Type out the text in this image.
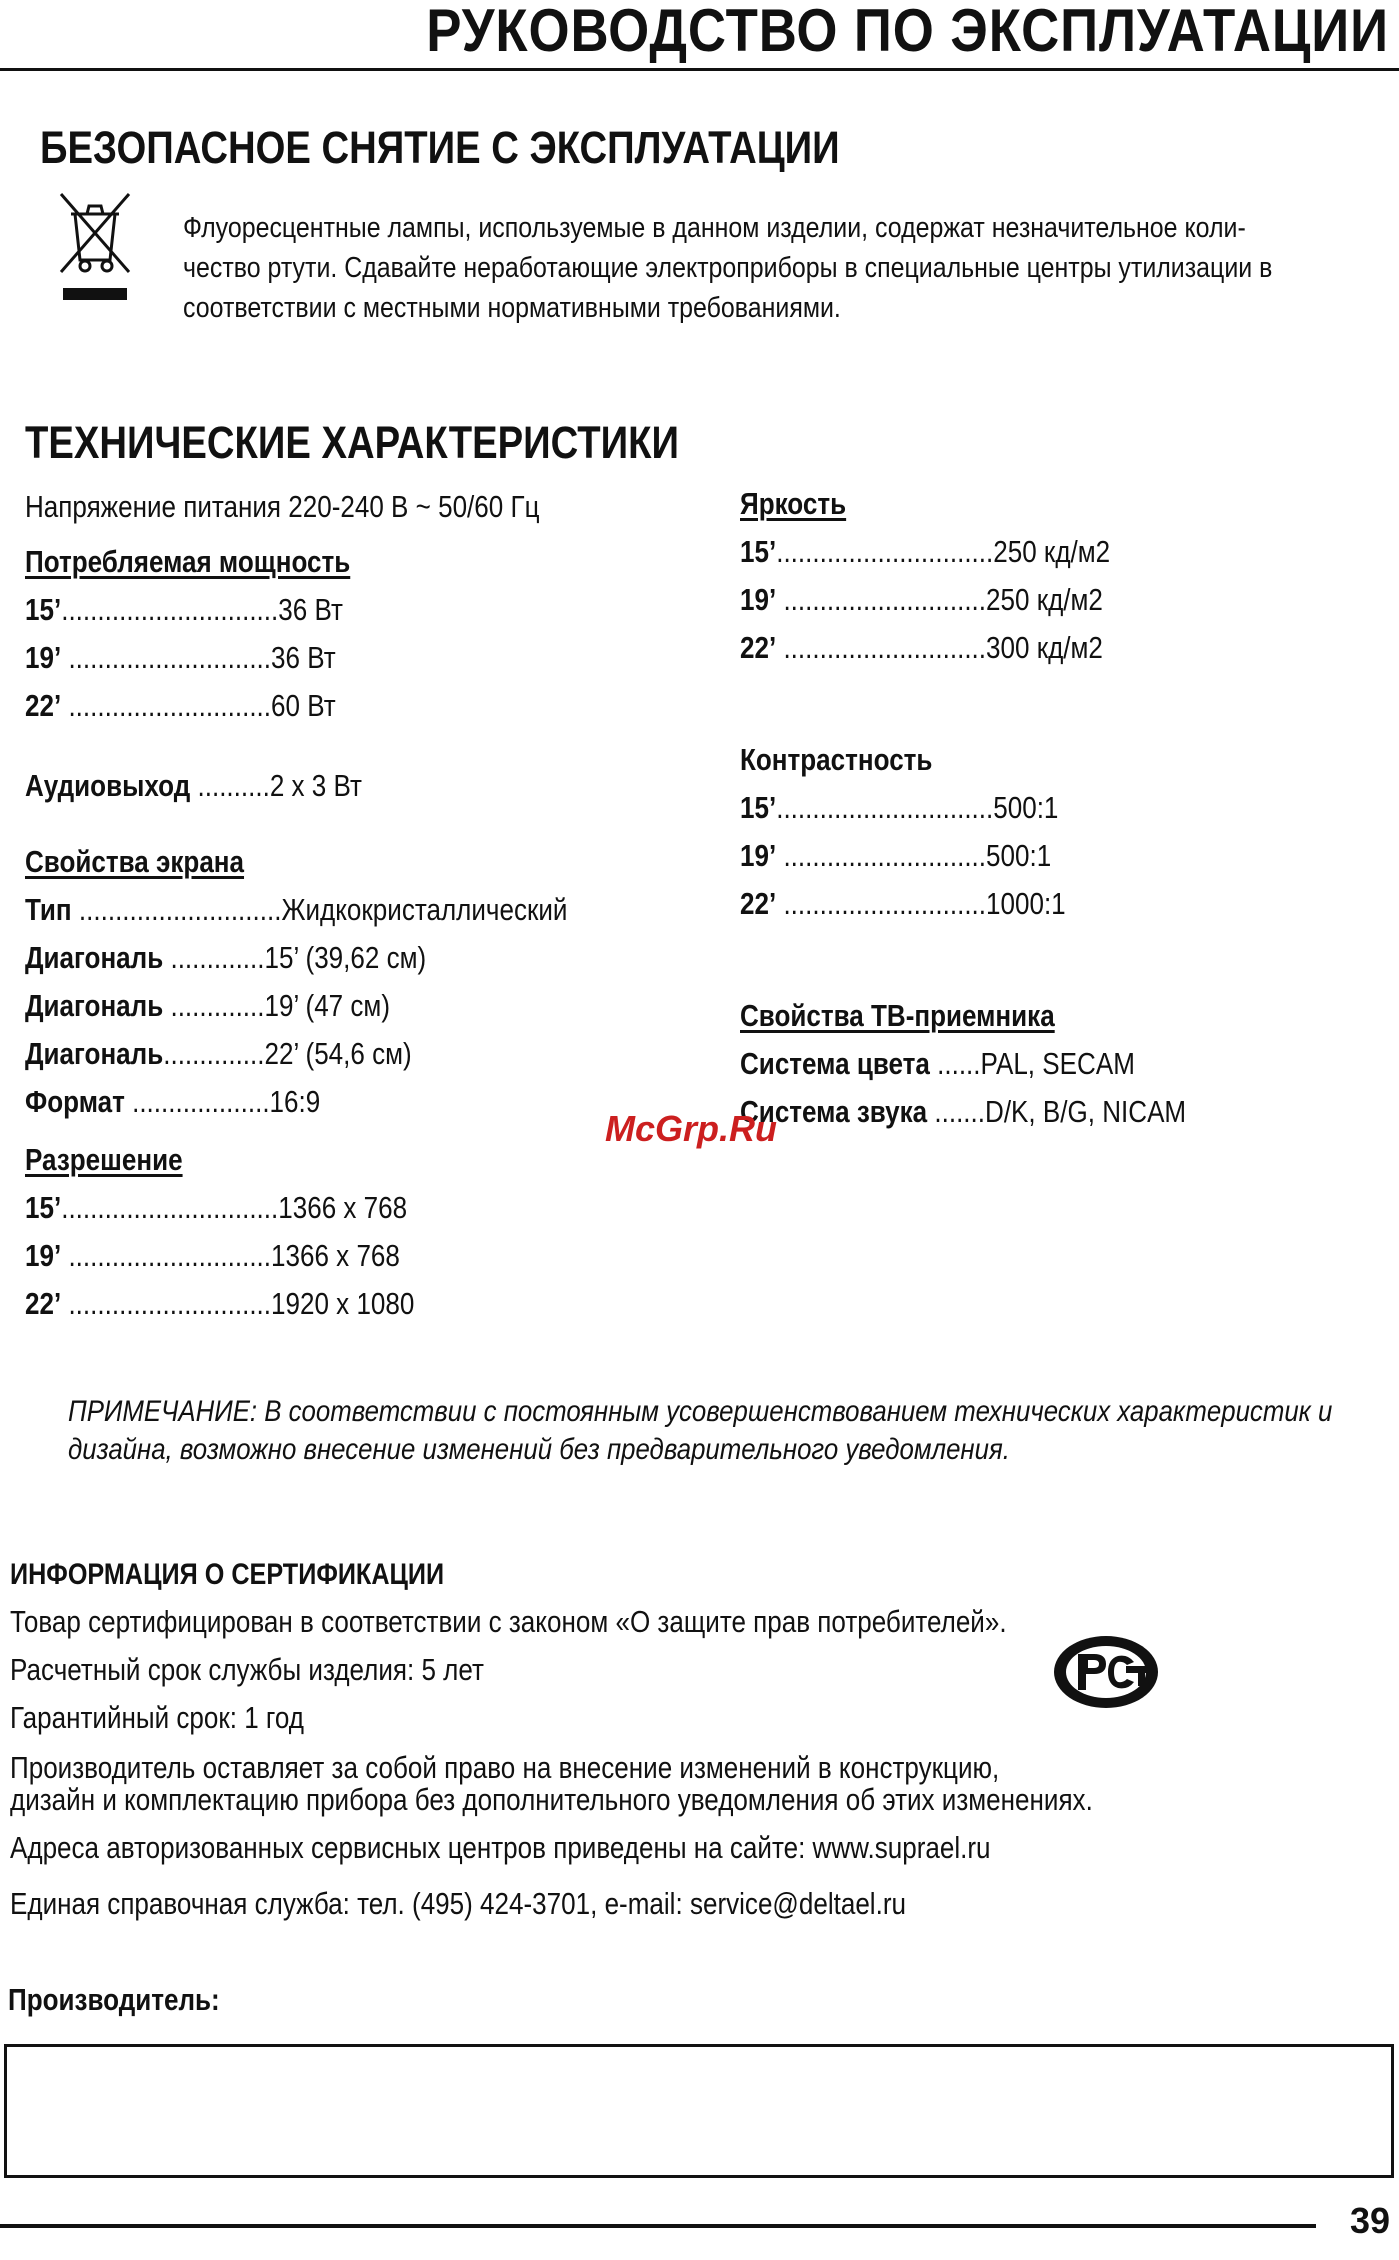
РУКОВОДСТВО ПО ЭКСПЛУАТАЦИИ
БЕЗОПАСНОЕ СНЯТИЕ С ЭКСПЛУАТАЦИИ
Флуоресцентные лампы, используемые в данном изделии, содержат незначительное коли-
чество ртути. Сдавайте неработающие электроприборы в специальные центры утилизации в
соответствии с местными нормативными требованиями.
ТЕХНИЧЕСКИЕ ХАРАКТЕРИСТИКИ
Напряжение питания 220-240 В ~ 50/60 Гц
Потребляемая мощность
15’..............................36 Вт
19’ ............................36 Вт
22’ ............................60 Вт
Аудиовыход ..........2 x 3 Вт
Свойства экрана
Тип ............................Жидкокристаллический
Диагональ .............15’ (39,62 см)
Диагональ .............19’ (47 см)
Диагональ..............22’ (54,6 см)
Формат ...................16:9
Разрешение
15’..............................1366 x 768
19’ ............................1366 x 768
22’ ............................1920 x 1080
Яркость
15’..............................250 кд/м2
19’ ............................250 кд/м2
22’ ............................300 кд/м2
Контрастность
15’..............................500:1
19’ ............................500:1
22’ ............................1000:1
Свойства ТВ-приемника
Система цвета ......PAL, SECAM
Система звука .......D/K, B/G, NICAM
McGrp.Ru
ПРИМЕЧАНИЕ: В соответствии с постоянным усовершенствованием технических характеристик и
дизайна, возможно внесение изменений без предварительного уведомления.
ИНФОРМАЦИЯ О СЕРТИФИКАЦИИ
Товар сертифицирован в соответствии с законом «О защите прав потребителей».
Расчетный срок службы изделия: 5 лет
Гарантийный срок: 1 год
Производитель оставляет за собой право на внесение изменений в конструкцию,
дизайн и комплектацию прибора без дополнительного уведомления об этих изменениях.
Адреса авторизованных сервисных центров приведены на сайте: www.suprael.ru
Единая справочная служба: тел. (495) 424-3701, e-mail: service@deltael.ru
Производитель:
39
